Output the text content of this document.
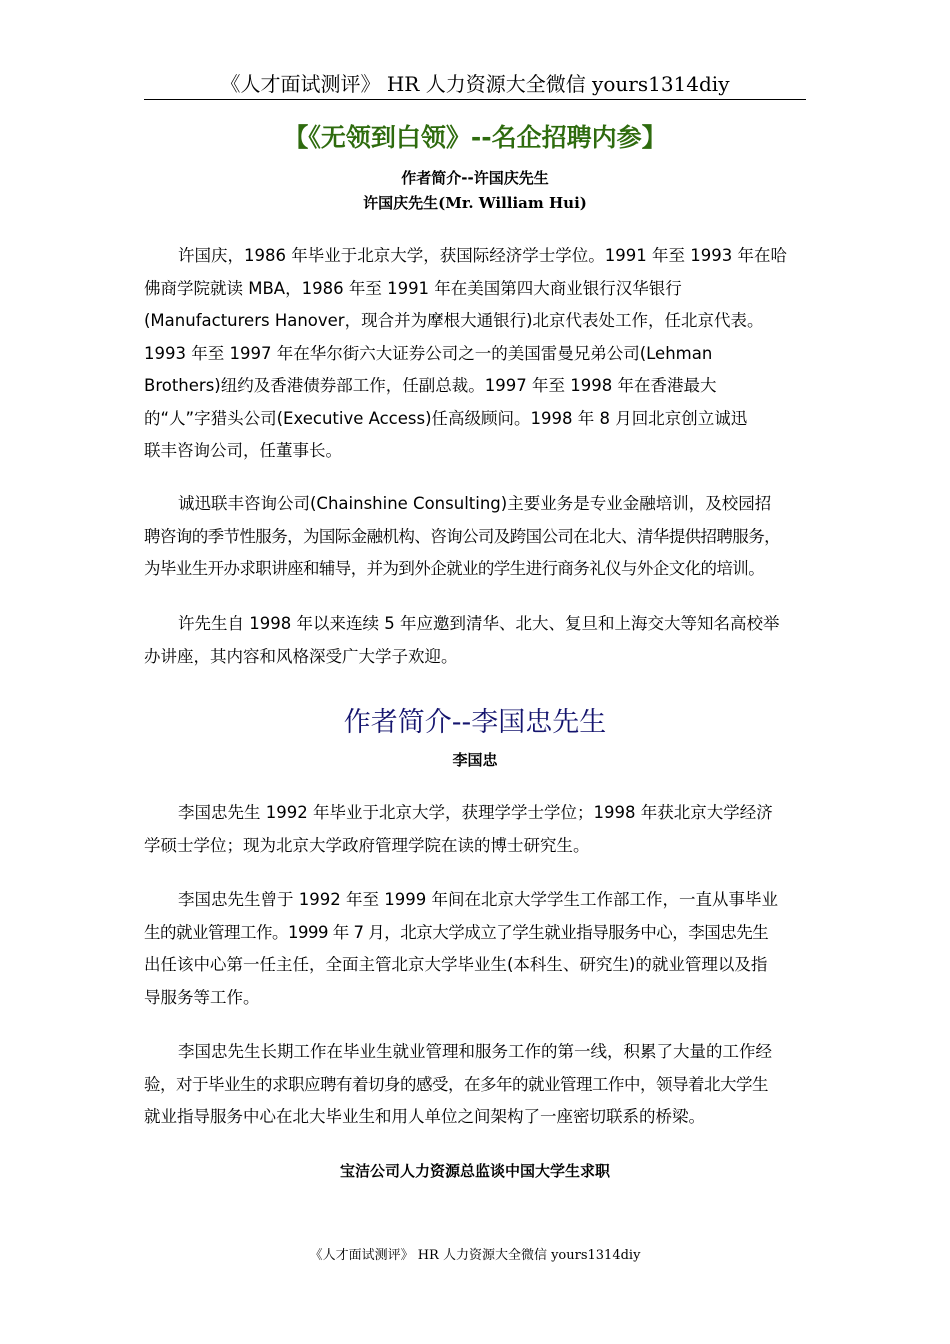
《人才面试测评》 HR 人力资源大全微信 yours1314diy
【《无领到白领》--名企招聘内参】
作者简介--许国庆先生
许国庆先生(Mr. William Hui)
许国庆，1986 年毕业于北京大学，获国际经济学士学位。1991 年至 1993 年在哈
佛商学院就读 MBA，1986 年至 1991 年在美国第四大商业银行汉华银行
(Manufacturers Hanover，现合并为摩根大通银行)北京代表处工作，任北京代表。
1993 年至 1997 年在华尔街六大证券公司之一的美国雷曼兄弟公司(Lehman
Brothers)纽约及香港债券部工作，任副总裁。1997 年至 1998 年在香港最大
的“人”字猎头公司(Executive Access)任高级顾问。1998 年 8 月回北京创立诚迅
联丰咨询公司，任董事长。
诚迅联丰咨询公司(Chainshine Consulting)主要业务是专业金融培训，及校园招
聘咨询的季节性服务，为国际金融机构、咨询公司及跨国公司在北大、清华提供招聘服务，
为毕业生开办求职讲座和辅导，并为到外企就业的学生进行商务礼仪与外企文化的培训。
许先生自 1998 年以来连续 5 年应邀到清华、北大、复旦和上海交大等知名高校举
办讲座，其内容和风格深受广大学子欢迎。
作者简介--李国忠先生
李国忠
李国忠先生 1992 年毕业于北京大学，获理学学士学位；1998 年获北京大学经济
学硕士学位；现为北京大学政府管理学院在读的博士研究生。
李国忠先生曾于 1992 年至 1999 年间在北京大学学生工作部工作，一直从事毕业
生的就业管理工作。1999 年 7 月，北京大学成立了学生就业指导服务中心，李国忠先生
出任该中心第一任主任，全面主管北京大学毕业生(本科生、研究生)的就业管理以及指
导服务等工作。
李国忠先生长期工作在毕业生就业管理和服务工作的第一线，积累了大量的工作经
验，对于毕业生的求职应聘有着切身的感受，在多年的就业管理工作中，领导着北大学生
就业指导服务中心在北大毕业生和用人单位之间架构了一座密切联系的桥梁。
宝洁公司人力资源总监谈中国大学生求职
《人才面试测评》 HR 人力资源大全微信 yours1314diy
